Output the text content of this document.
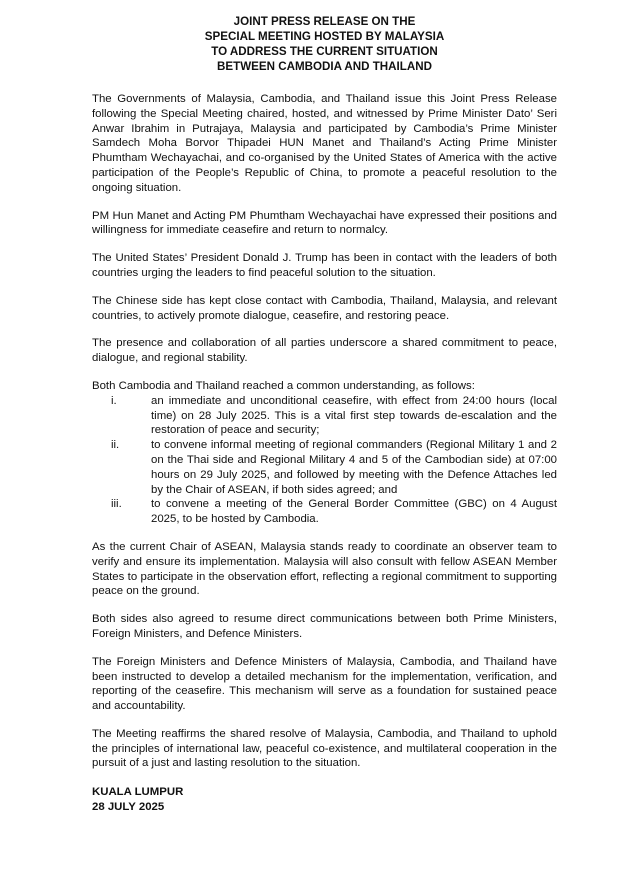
JOINT PRESS RELEASE ON THE
SPECIAL MEETING HOSTED BY MALAYSIA
TO ADDRESS THE CURRENT SITUATION
BETWEEN CAMBODIA AND THAILAND

The Governments of Malaysia, Cambodia, and Thailand issue this Joint Press Release following the Special Meeting chaired, hosted, and witnessed by Prime Minister Dato’ Seri Anwar Ibrahim in Putrajaya, Malaysia and participated by Cambodia’s Prime Minister Samdech Moha Borvor Thipadei HUN Manet and Thailand’s Acting Prime Minister Phumtham Wechayachai, and co-organised by the United States of America with the active participation of the People’s Republic of China, to promote a peaceful resolution to the ongoing situation.

PM Hun Manet and Acting PM Phumtham Wechayachai have expressed their positions and willingness for immediate ceasefire and return to normalcy.

The United States’ President Donald J. Trump has been in contact with the leaders of both countries urging the leaders to find peaceful solution to the situation.

The Chinese side has kept close contact with Cambodia, Thailand, Malaysia, and relevant countries, to actively promote dialogue, ceasefire, and restoring peace.

The presence and collaboration of all parties underscore a shared commitment to peace, dialogue, and regional stability.

Both Cambodia and Thailand reached a common understanding, as follows:
i.	an immediate and unconditional ceasefire, with effect from 24:00 hours (local time) on 28 July 2025. This is a vital first step towards de-escalation and the restoration of peace and security;
ii.	to convene informal meeting of regional commanders (Regional Military 1 and 2 on the Thai side and Regional Military 4 and 5 of the Cambodian side) at 07:00 hours on 29 July 2025, and followed by meeting with the Defence Attaches led by the Chair of ASEAN, if both sides agreed; and
iii.	to convene a meeting of the General Border Committee (GBC) on 4 August 2025, to be hosted by Cambodia.

As the current Chair of ASEAN, Malaysia stands ready to coordinate an observer team to verify and ensure its implementation. Malaysia will also consult with fellow ASEAN Member States to participate in the observation effort, reflecting a regional commitment to supporting peace on the ground.

Both sides also agreed to resume direct communications between both Prime Ministers, Foreign Ministers, and Defence Ministers.

The Foreign Ministers and Defence Ministers of Malaysia, Cambodia, and Thailand have been instructed to develop a detailed mechanism for the implementation, verification, and reporting of the ceasefire. This mechanism will serve as a foundation for sustained peace and accountability.

The Meeting reaffirms the shared resolve of Malaysia, Cambodia, and Thailand to uphold the principles of international law, peaceful co-existence, and multilateral cooperation in the pursuit of a just and lasting resolution to the situation.

KUALA LUMPUR
28 JULY 2025
